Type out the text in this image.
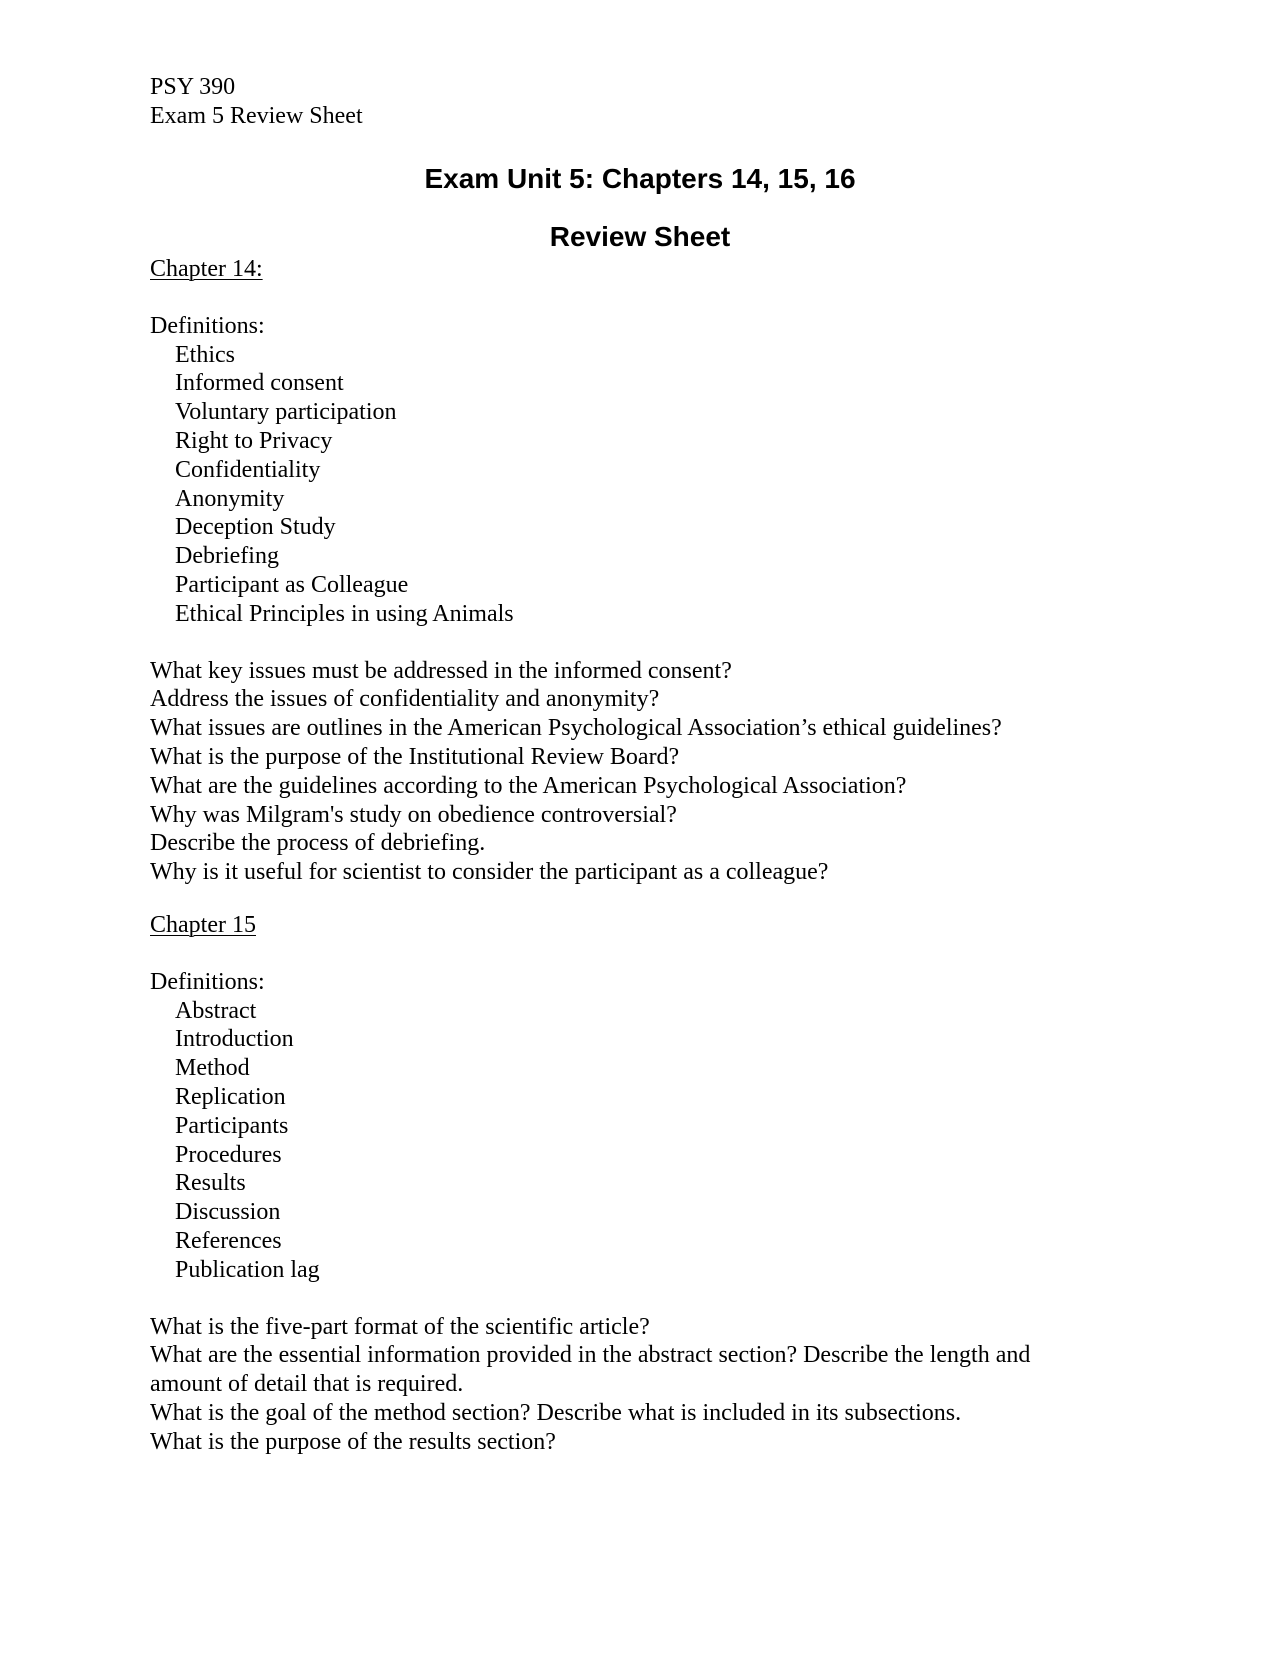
PSY 390
Exam 5 Review Sheet
Exam Unit 5: Chapters 14, 15, 16
Review Sheet
Chapter 14:
Definitions:
Ethics
Informed consent
Voluntary participation
Right to Privacy
Confidentiality
Anonymity
Deception Study
Debriefing
Participant as Colleague
Ethical Principles in using Animals
What key issues must be addressed in the informed consent?
Address the issues of confidentiality and anonymity?
What issues are outlines in the American Psychological Association’s ethical guidelines?
What is the purpose of the Institutional Review Board?
What are the guidelines according to the American Psychological Association?
Why was Milgram's study on obedience controversial?
Describe the process of debriefing.
Why is it useful for scientist to consider the participant as a colleague?
Chapter 15
Definitions:
Abstract
Introduction
Method
Replication
Participants
Procedures
Results
Discussion
References
Publication lag
What is the five-part format of the scientific article?
What are the essential information provided in the abstract section? Describe the length and amount of detail that is required.
What is the goal of the method section? Describe what is included in its subsections.
What is the purpose of the results section?
